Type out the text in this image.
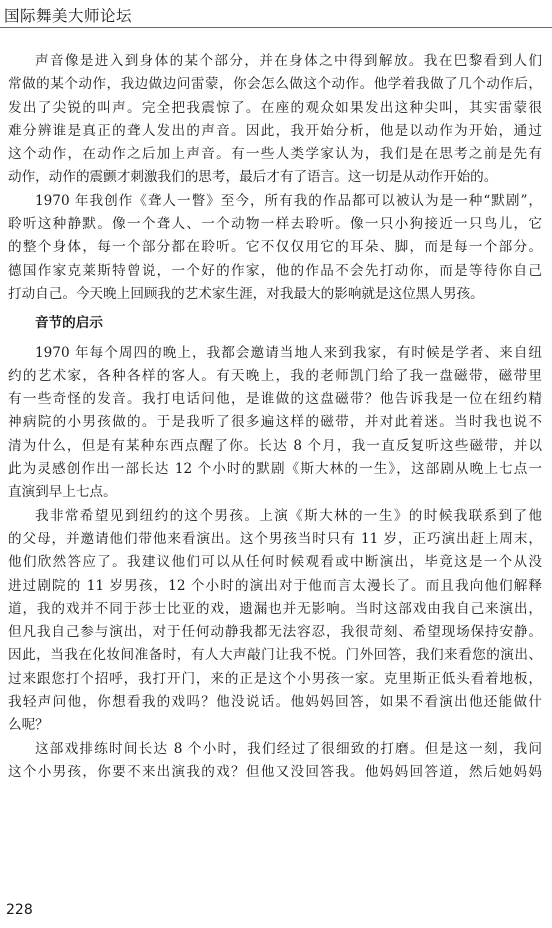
国际舞美大师论坛
声音像是进入到身体的某个部分，并在身体之中得到解放。我在巴黎看到人们
常做的某个动作，我边做边问雷蒙，你会怎么做这个动作。他学着我做了几个动作后，
发出了尖锐的叫声。完全把我震惊了。在座的观众如果发出这种尖叫，其实雷蒙很
难分辨谁是真正的聋人发出的声音。因此，我开始分析，他是以动作为开始，通过
这个动作，在动作之后加上声音。有一些人类学家认为，我们是在思考之前是先有
动作，动作的震颤才刺激我们的思考，最后才有了语言。这一切是从动作开始的。
1970 年我创作《聋人一瞥》至今，所有我的作品都可以被认为是一种“默剧”，
聆听这种静默。像一个聋人、一个动物一样去聆听。像一只小狗接近一只鸟儿，它
的整个身体，每一个部分都在聆听。它不仅仅用它的耳朵、脚，而是每一个部分。
德国作家克莱斯特曾说，一个好的作家，他的作品不会先打动你，而是等待你自己
打动自己。今天晚上回顾我的艺术家生涯，对我最大的影响就是这位黑人男孩。
音节的启示
1970 年每个周四的晚上，我都会邀请当地人来到我家，有时候是学者、来自纽
约的艺术家，各种各样的客人。有天晚上，我的老师凯门给了我一盘磁带，磁带里
有一些奇怪的发音。我打电话问他，是谁做的这盘磁带？他告诉我是一位在纽约精
神病院的小男孩做的。于是我听了很多遍这样的磁带，并对此着迷。当时我也说不
清为什么，但是有某种东西点醒了你。长达 8 个月，我一直反复听这些磁带，并以
此为灵感创作出一部长达 12 个小时的默剧《斯大林的一生》，这部剧从晚上七点一
直演到早上七点。
我非常希望见到纽约的这个男孩。上演《斯大林的一生》的时候我联系到了他
的父母，并邀请他们带他来看演出。这个男孩当时只有 11 岁，正巧演出赶上周末，
他们欣然答应了。我建议他们可以从任何时候观看或中断演出，毕竟这是一个从没
进过剧院的 11 岁男孩，12 个小时的演出对于他而言太漫长了。而且我向他们解释
道，我的戏并不同于莎士比亚的戏，遗漏也并无影响。当时这部戏由我自己来演出，
但凡我自己参与演出，对于任何动静我都无法容忍，我很苛刻、希望现场保持安静。
因此，当我在化妆间准备时，有人大声敲门让我不悦。门外回答，我们来看您的演出、
过来跟您打个招呼，我打开门，来的正是这个小男孩一家。克里斯正低头看着地板，
我轻声问他，你想看我的戏吗？他没说话。他妈妈回答，如果不看演出他还能做什
么呢？
这部戏排练时间长达 8 个小时，我们经过了很细致的打磨。但是这一刻，我问
这个小男孩，你要不来出演我的戏？但他又没回答我。他妈妈回答道，然后她妈妈
228
